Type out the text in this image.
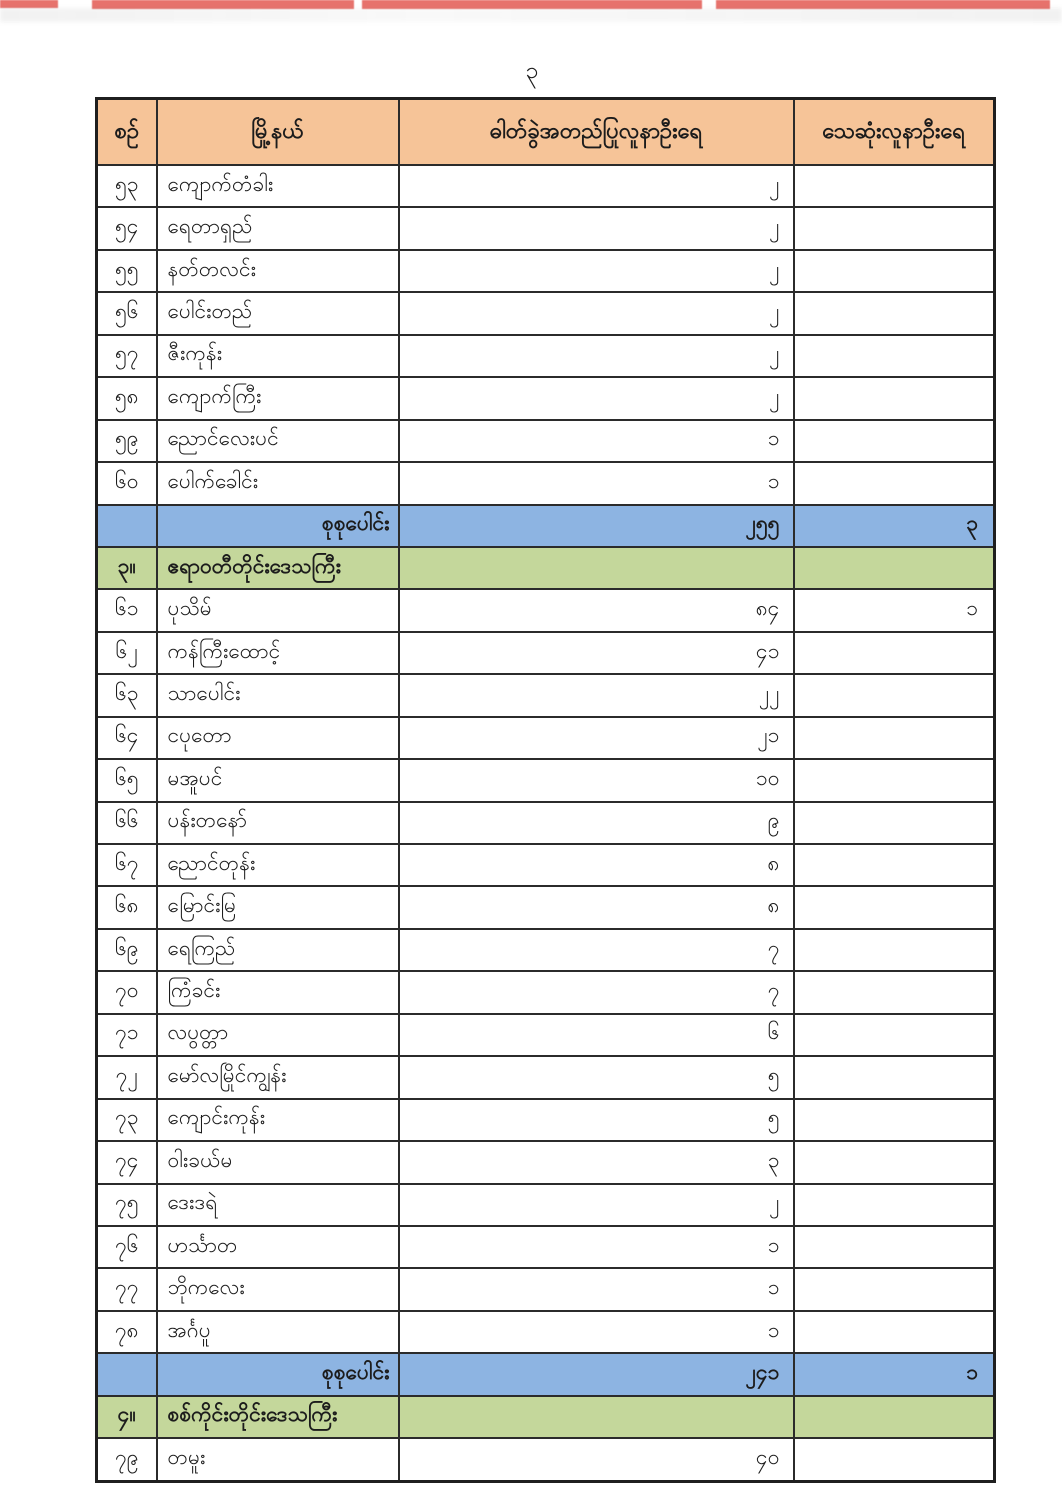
၃
စဉ်	မြို့နယ်	ဓါတ်ခွဲအတည်ပြုလူနာဦးရေ	သေဆုံးလူနာဦးရေ
၅၃	ကျောက်တံခါး	၂	
၅၄	ရေတာရှည်	၂	
၅၅	နတ်တလင်း	၂	
၅၆	ပေါင်းတည်	၂	
၅၇	ဇီးကုန်း	၂	
၅၈	ကျောက်ကြီး	၂	
၅၉	ညောင်လေးပင်	၁	
၆၀	ပေါက်ခေါင်း	၁	
	စုစုပေါင်း	၂၅၅	၃
၃။	ဧရာဝတီတိုင်းဒေသကြီး		
၆၁	ပုသိမ်	၈၄	၁
၆၂	ကန်ကြီးထောင့်	၄၁	
၆၃	သာပေါင်း	၂၂	
၆၄	ငပုတော	၂၁	
၆၅	မအူပင်	၁၀	
၆၆	ပန်းတနော်	၉	
၆၇	ညောင်တုန်း	၈	
၆၈	မြောင်းမြ	၈	
၆၉	ရေကြည်	၇	
၇၀	ကြံခင်း	၇	
၇၁	လပွတ္တာ	၆	
၇၂	မော်လမြိုင်ကျွန်း	၅	
၇၃	ကျောင်းကုန်း	၅	
၇၄	ဝါးခယ်မ	၃	
၇၅	ဒေးဒရဲ	၂	
၇၆	ဟင်္သာတ	၁	
၇၇	ဘိုကလေး	၁	
၇၈	အင်္ဂပူ	၁	
	စုစုပေါင်း	၂၄၁	၁
၄။	စစ်ကိုင်းတိုင်းဒေသကြီး		
၇၉	တမူး	၄၀	
